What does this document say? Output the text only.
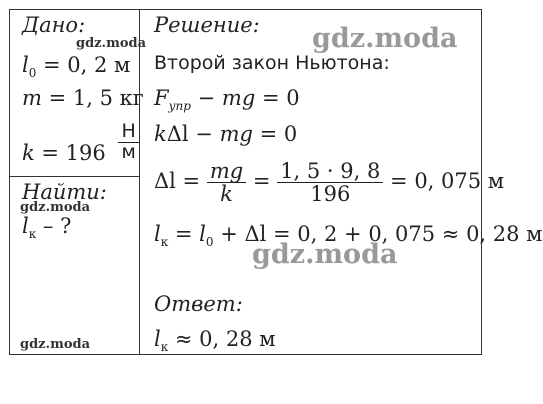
Дано:
gdz.moda
$l_0 = 0$, 2 м
m = 1, 5 кг
$k = 196 \frac{Н}{м}$
Найти:
gdz.moda
$l_к$ – ?
gdz.moda
Решение: gdz.moda
Второй закон Ньютона:
$F_{упр}$ − mg = 0
kΔl − mg = 0
$\Delta l = \frac{mg}{k} = \frac{1, 5 \cdot 9, 8}{196} = 0$, 075 м
$l_к = l_0 + \Delta l = 0$, 2 + 0, 075 ≈ 0, 28 м
gdz.moda
Ответ:
$l_к \approx 0$, 28 м
